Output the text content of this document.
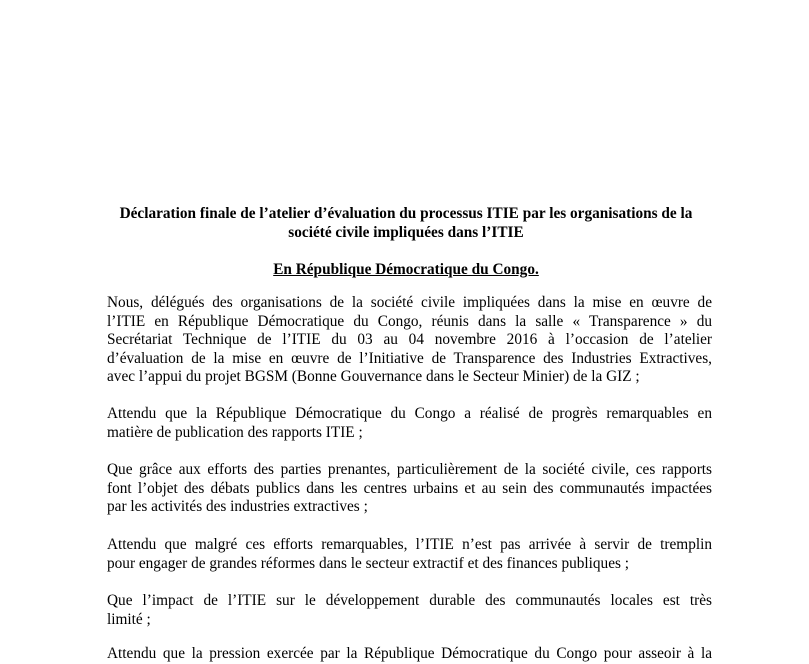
Déclaration finale de l’atelier d’évaluation du processus ITIE par les organisations de la
société civile impliquées dans l’ITIE
En République Démocratique du Congo.
Nous, délégués des organisations de la société civile impliquées dans la mise en œuvre de
l’ITIE en République Démocratique du Congo, réunis dans la salle « Transparence » du
Secrétariat Technique de l’ITIE du 03 au 04 novembre 2016 à l’occasion de l’atelier
d’évaluation de la mise en œuvre de l’Initiative de Transparence des Industries Extractives,
avec l’appui du projet BGSM (Bonne Gouvernance dans le Secteur Minier) de la GIZ ;
Attendu que la République Démocratique du Congo a réalisé de progrès remarquables en
matière de publication des rapports ITIE ;
Que grâce aux efforts des parties prenantes, particulièrement de la société civile, ces rapports
font l’objet des débats publics dans les centres urbains et au sein des communautés impactées
par les activités des industries extractives ;
Attendu que malgré ces efforts remarquables, l’ITIE n’est pas arrivée à servir de tremplin
pour engager de grandes réformes dans le secteur extractif et des finances publiques ;
Que l’impact de l’ITIE sur le développement durable des communautés locales est très
limité ;
Attendu que la pression exercée par la République Démocratique du Congo pour asseoir à la
